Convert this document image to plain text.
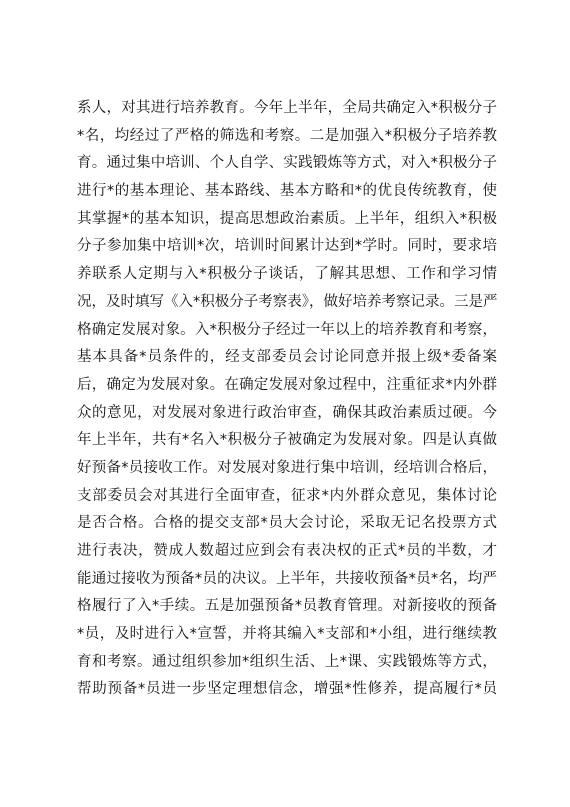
系人，对其进行培养教育。今年上半年，全局共确定入*积极分子
*名，均经过了严格的筛选和考察。二是加强入*积极分子培养教
育。通过集中培训、个人自学、实践锻炼等方式，对入*积极分子
进行*的基本理论、基本路线、基本方略和*的优良传统教育，使
其掌握*的基本知识，提高思想政治素质。上半年，组织入*积极
分子参加集中培训*次，培训时间累计达到*学时。同时，要求培
养联系人定期与入*积极分子谈话，了解其思想、工作和学习情
况，及时填写《入*积极分子考察表》，做好培养考察记录。三是严
格确定发展对象。入*积极分子经过一年以上的培养教育和考察，
基本具备*员条件的，经支部委员会讨论同意并报上级*委备案
后，确定为发展对象。在确定发展对象过程中，注重征求*内外群
众的意见，对发展对象进行政治审查，确保其政治素质过硬。今
年上半年，共有*名入*积极分子被确定为发展对象。四是认真做
好预备*员接收工作。对发展对象进行集中培训，经培训合格后，
支部委员会对其进行全面审查，征求*内外群众意见，集体讨论
是否合格。合格的提交支部*员大会讨论，采取无记名投票方式
进行表决，赞成人数超过应到会有表决权的正式*员的半数，才
能通过接收为预备*员的决议。上半年，共接收预备*员*名，均严
格履行了入*手续。五是加强预备*员教育管理。对新接收的预备
*员，及时进行入*宣誓，并将其编入*支部和*小组，进行继续教
育和考察。通过组织参加*组织生活、上*课、实践锻炼等方式，
帮助预备*员进一步坚定理想信念，增强*性修养，提高履行*员
